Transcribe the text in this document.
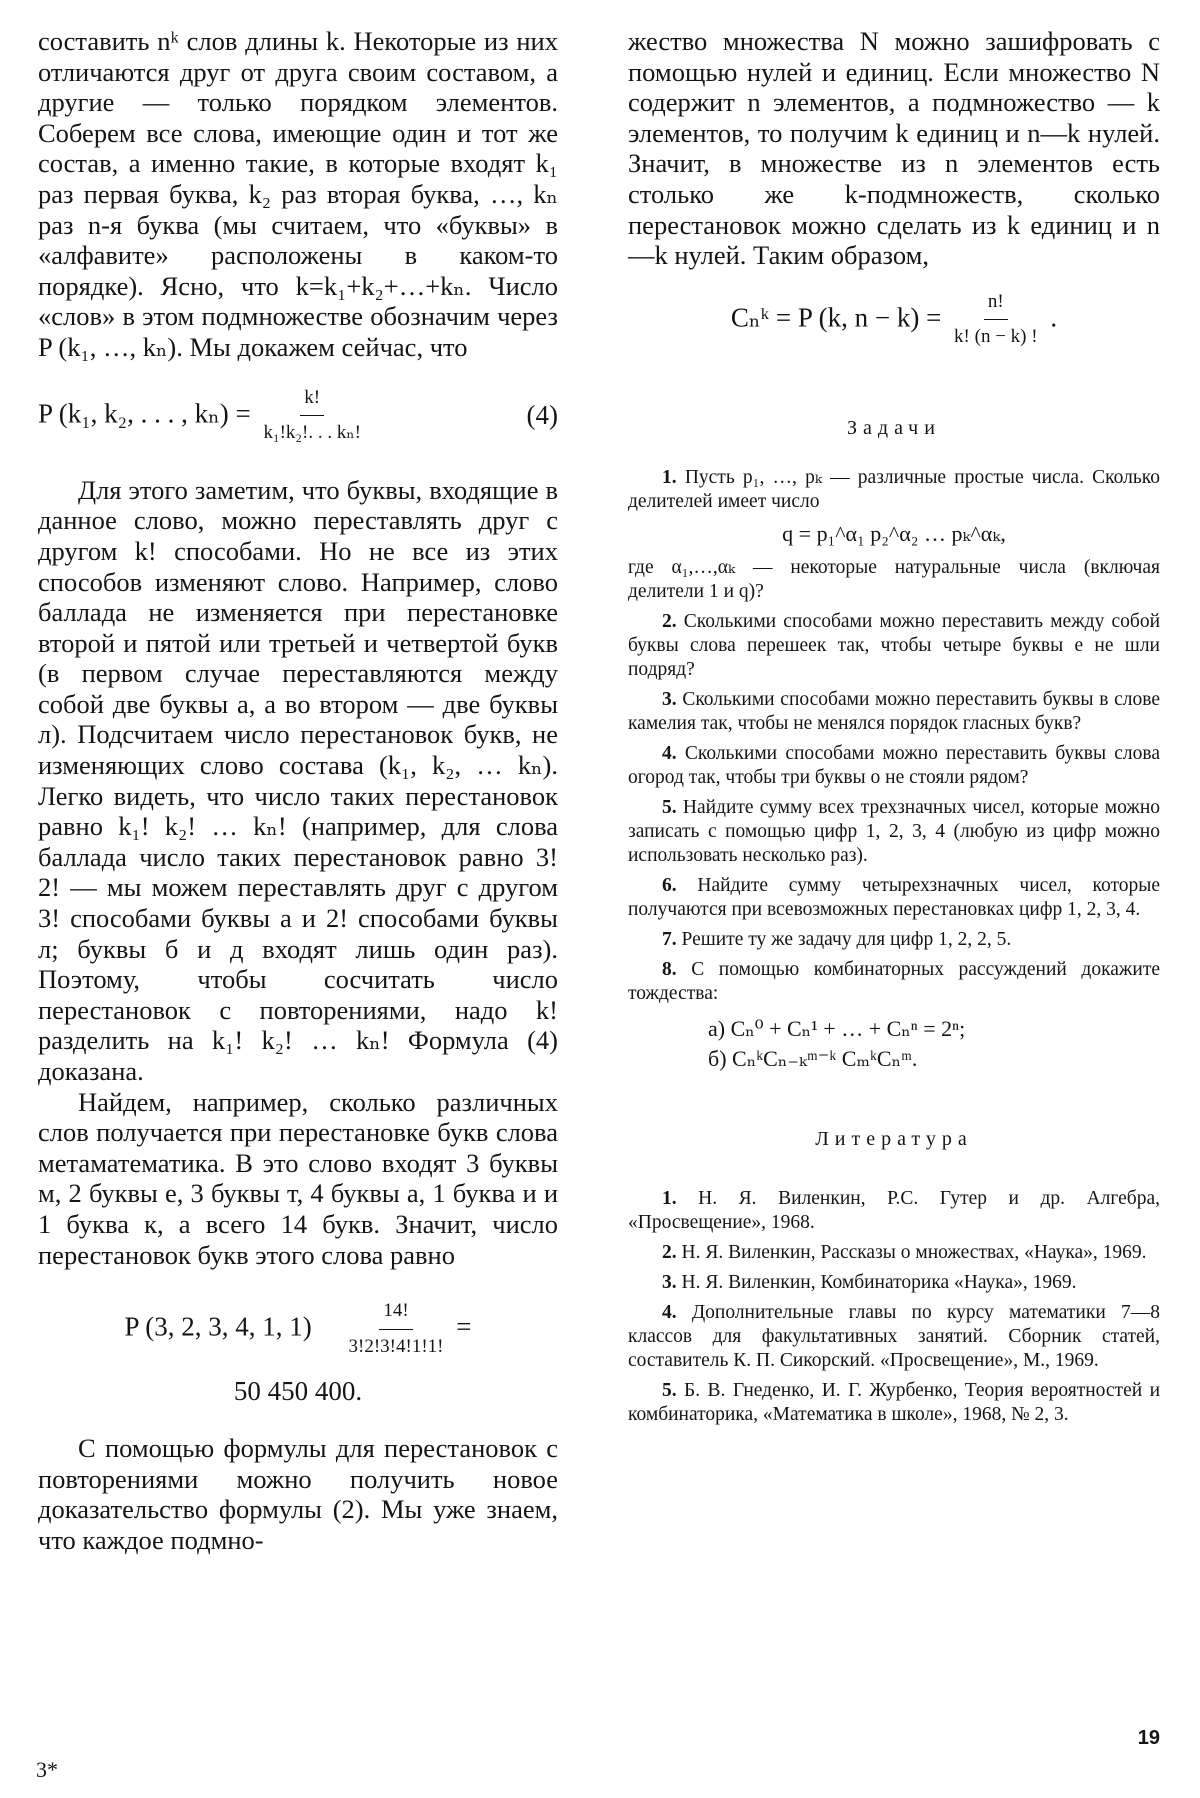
составить nᵏ слов длины k. Некоторые из них отличаются друг от друга своим составом, а другие — только порядком элементов. Соберем все слова, имеющие один и тот же состав, а именно такие, в которые входят k₁ раз первая буква, k₂ раз вторая буква, …, kₙ раз n-я буква (мы считаем, что «буквы» в «алфавите» расположены в каком-то порядке). Ясно, что k=k₁+k₂+…+kₙ. Число «слов» в этом подмножестве обозначим через P (k₁, …, kₙ). Мы докажем сейчас, что

P (k₁, k₂, . . . , $k_n) = \frac{k!}{\text{k₁!k₂!. . . kₙ!}}$	(4)

Для этого заметим, что буквы, входящие в данное слово, можно переставлять друг с другом k! способами. Но не все из этих способов изменяют слово. Например, слово баллада не изменяется при перестановке второй и пятой или третьей и четвертой букв (в первом случае переставляются между собой две буквы а, а во втором — две буквы л). Подсчитаем число перестановок букв, не изменяющих слово состава (k₁, k₂, … kₙ). Легко видеть, что число таких перестановок равно k₁! k₂! … kₙ! (например, для слова баллада число таких перестановок равно 3! 2! — мы можем переставлять друг с другом 3! способами буквы а и 2! способами буквы л; буквы б и д входят лишь один раз). Поэтому, чтобы сосчитать число перестановок с повторениями, надо k! разделить на k₁! k₂! … kₙ! Формула (4) доказана.

Найдем, например, сколько различных слов получается при перестановке букв слова метаматематика. В это слово входят 3 буквы м, 2 буквы е, 3 буквы т, 4 буквы а, 1 буква и и 1 буква к, а всего 14 букв. Значит, число перестановок букв этого слова равно

P (3, 2, 3, 4, 1, $1) \frac{14!}{3!2!3!4!1!1!}$ =
50 450 400.

С помощью формулы для перестановок с повторениями можно получить новое доказательство формулы (2). Мы уже знаем, что каждое подмно-

жество множества N можно зашифровать с помощью нулей и единиц. Если множество N содержит n элементов, а подмножество — k элементов, то получим k единиц и n—k нулей. Значит, в множестве из n элементов есть столько же k-подмножеств, сколько перестановок можно сделать из k единиц и n—k нулей. Таким образом,

Cₙᵏ = P (k, $n - k) = \frac{n!}{k! (n - k) !}$ .
Задачи

1. Пусть p₁, …, pₖ — различные простые числа. Сколько делителей имеет число

q = p₁^α₁ p₂^α₂ … pₖ^αₖ,

где α₁,…,αₖ — некоторые натуральные числа (включая делители 1 и q)?

2. Сколькими способами можно переставить между собой буквы слова перешеек так, чтобы четыре буквы е не шли подряд?

3. Сколькими способами можно переставить буквы в слове камелия так, чтобы не менялся порядок гласных букв?

4. Сколькими способами можно переставить буквы слова огород так, чтобы три буквы о не стояли рядом?

5. Найдите сумму всех трехзначных чисел, которые можно записать с помощью цифр 1, 2, 3, 4 (любую из цифр можно использовать несколько раз).

6. Найдите сумму четырехзначных чисел, которые получаются при всевозможных перестановках цифр 1, 2, 3, 4.

7. Решите ту же задачу для цифр 1, 2, 2, 5.

8. С помощью комбинаторных рассуждений докажите тождества:

а) Cₙ⁰ + Cₙ¹ + … + Cₙⁿ = 2ⁿ;
б) CₙᵏCₙ₋ₖᵐ⁻ᵏ CₘᵏCₙᵐ.
Литература

1. Н. Я. Виленкин, Р.С. Гутер и др. Алгебра, «Просвещение», 1968.

2. Н. Я. Виленкин, Рассказы о множествах, «Наука», 1969.

3. Н. Я. Виленкин, Комбинаторика «Наука», 1969.

4. Дополнительные главы по курсу математики 7—8 классов для факультативных занятий. Сборник статей, составитель К. П. Сикорский. «Просвещение», М., 1969.

5. Б. В. Гнеденко, И. Г. Журбенко, Теория вероятностей и комбинаторика, «Математика в школе», 1968, № 2, 3.

19
3*
